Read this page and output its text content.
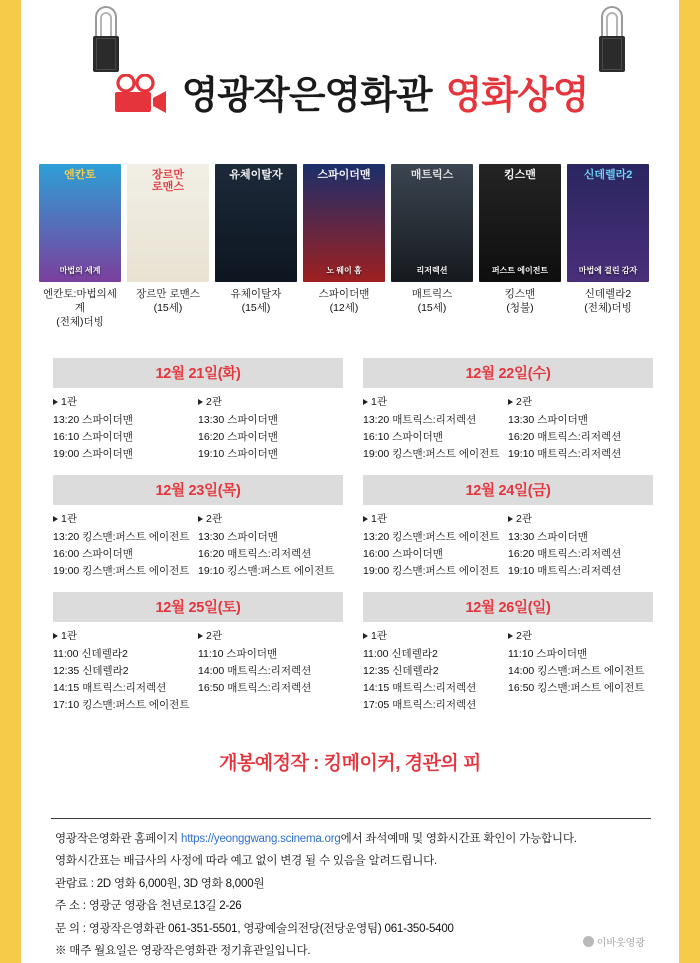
영광작은영화관 영화상영
엔칸토
마법의 세계
엔칸토:마법의세계
(전체)더빙
장르만
로맨스
장르만 로맨스
(15세)
유체이탈자
유체이탈자
(15세)
스파이더맨
노 웨이 홈
스파이더맨
(12세)
매트릭스
리저렉션
매트릭스
(15세)
킹스맨
퍼스트 에이전트
킹스맨
(청불)
신데렐라2
마법에 걸린 감자
신데렐라2
(전체)더빙
12월 21일(화)
1관
13:20 스파이더맨
16:10 스파이더맨
19:00 스파이더맨
2관
13:30 스파이더맨
16:20 스파이더맨
19:10 스파이더맨
12월 22일(수)
1관
13:20 매트릭스:리저렉션
16:10 스파이더맨
19:00 킹스맨:퍼스트 에이전트
2관
13:30 스파이더맨
16:20 매트릭스:리저렉션
19:10 매트릭스:리저렉션
12월 23일(목)
1관
13:20 킹스맨:퍼스트 에이전트
16:00 스파이더맨
19:00 킹스맨:퍼스트 에이전트
2관
13:30 스파이더맨
16:20 매트릭스:리저렉션
19:10 킹스맨:퍼스트 에이전트
12월 24일(금)
1관
13:20 킹스맨:퍼스트 에이전트
16:00 스파이더맨
19:00 킹스맨:퍼스트 에이전트
2관
13:30 스파이더맨
16:20 매트릭스:리저렉션
19:10 매트릭스:리저렉션
12월 25일(토)
1관
11:00 신데렐라2
12:35 신데렐라2
14:15 매트릭스:리저렉션
17:10 킹스맨:퍼스트 에이전트
2관
11:10 스파이더맨
14:00 매트릭스:리저렉션
16:50 매트릭스:리저렉션
12월 26일(일)
1관
11:00 신데렐라2
12:35 신데렐라2
14:15 매트릭스:리저렉션
17:05 매트릭스:리저렉션
2관
11:10 스파이더맨
14:00 킹스맨:퍼스트 에이전트
16:50 킹스맨:퍼스트 에이전트
개봉예정작 : 킹메이커, 경관의 피
영광작은영화관 홈페이지 https://yeonggwang.scinema.org에서 좌석예매 및 영화시간표 확인이 가능합니다.
영화시간표는 배급사의 사정에 따라 예고 없이 변경 될 수 있음을 알려드립니다.
관람료 : 2D 영화 6,000원, 3D 영화 8,000원
주 소 : 영광군 영광읍 천년로13길 2-26
문 의 : 영광작은영화관 061-351-5501, 영광예술의전당(전당운영팀) 061-350-5400
※ 매주 월요일은 영광작은영화관 정기휴관일입니다.
이바웃영광
